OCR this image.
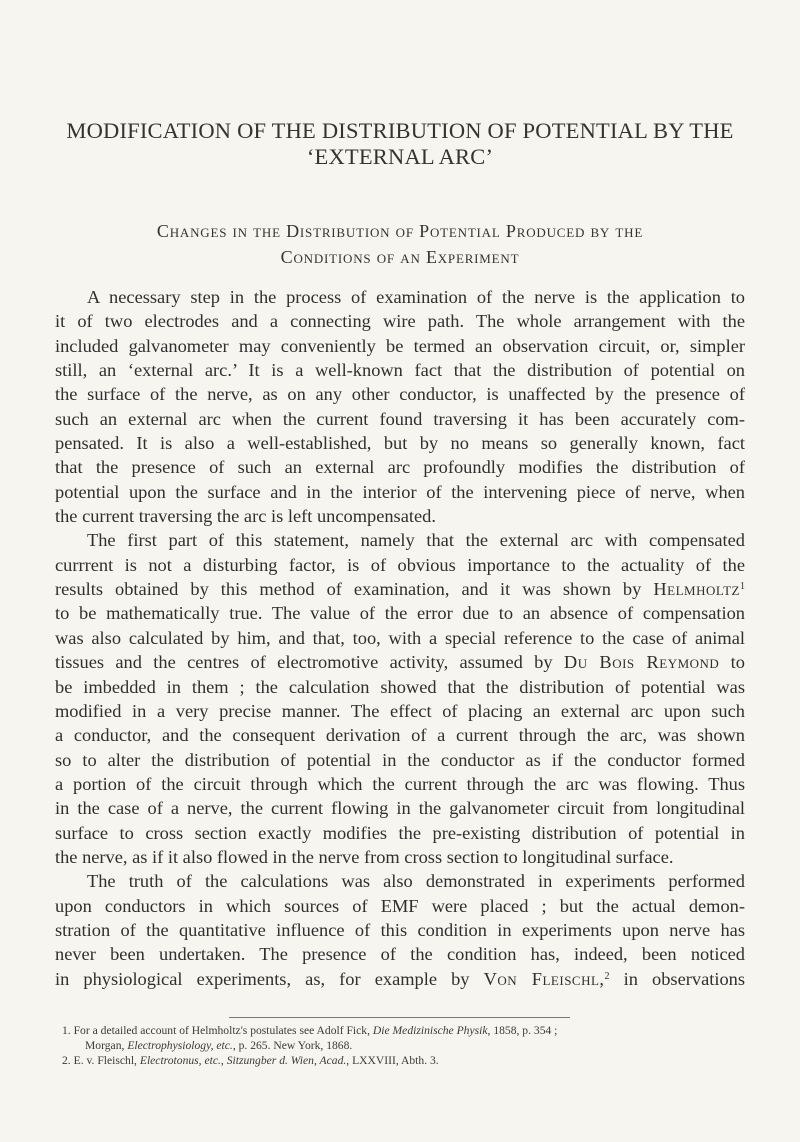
MODIFICATION OF THE DISTRIBUTION OF POTENTIAL BY THE
‘EXTERNAL ARC’
Changes in the Distribution of Potential Produced by the
Conditions of an Experiment
A necessary step in the process of examination of the nerve is the application to
it of two electrodes and a connecting wire path. The whole arrangement with the
included galvanometer may conveniently be termed an observation circuit, or, simpler
still, an ‘external arc.’ It is a well-known fact that the distribution of potential on
the surface of the nerve, as on any other conductor, is unaffected by the presence of
such an external arc when the current found traversing it has been accurately com-
pensated. It is also a well-established, but by no means so generally known, fact
that the presence of such an external arc profoundly modifies the distribution of
potential upon the surface and in the interior of the intervening piece of nerve, when
the current traversing the arc is left uncompensated.
The first part of this statement, namely that the external arc with compensated
currrent is not a disturbing factor, is of obvious importance to the actuality of the
results obtained by this method of examination, and it was shown by Helmholtz$^1$
to be mathematically true. The value of the error due to an absence of compensation
was also calculated by him, and that, too, with a special reference to the case of animal
tissues and the centres of electromotive activity, assumed by Du Bois Reymond to
be imbedded in them ; the calculation showed that the distribution of potential was
modified in a very precise manner. The effect of placing an external arc upon such
a conductor, and the consequent derivation of a current through the arc, was shown
so to alter the distribution of potential in the conductor as if the conductor formed
a portion of the circuit through which the current through the arc was flowing. Thus
in the case of a nerve, the current flowing in the galvanometer circuit from longitudinal
surface to cross section exactly modifies the pre-existing distribution of potential in
the nerve, as if it also flowed in the nerve from cross section to longitudinal surface.
The truth of the calculations was also demonstrated in experiments performed
upon conductors in which sources of EMF were placed ; but the actual demon-
stration of the quantitative influence of this condition in experiments upon nerve has
never been undertaken. The presence of the condition has, indeed, been noticed
in physiological experiments, as, for example by Von Fleischl,$^2$ in observations
1. For a detailed account of Helmholtz's postulates see Adolf Fick, Die Medizinische Physik, 1858, p. 354 ;
Morgan, Electrophysiology, etc., p. 265. New York, 1868.
2. E. v. Fleischl, Electrotonus, etc., Sitzungber d. Wien, Acad., LXXVIII, Abth. 3.
